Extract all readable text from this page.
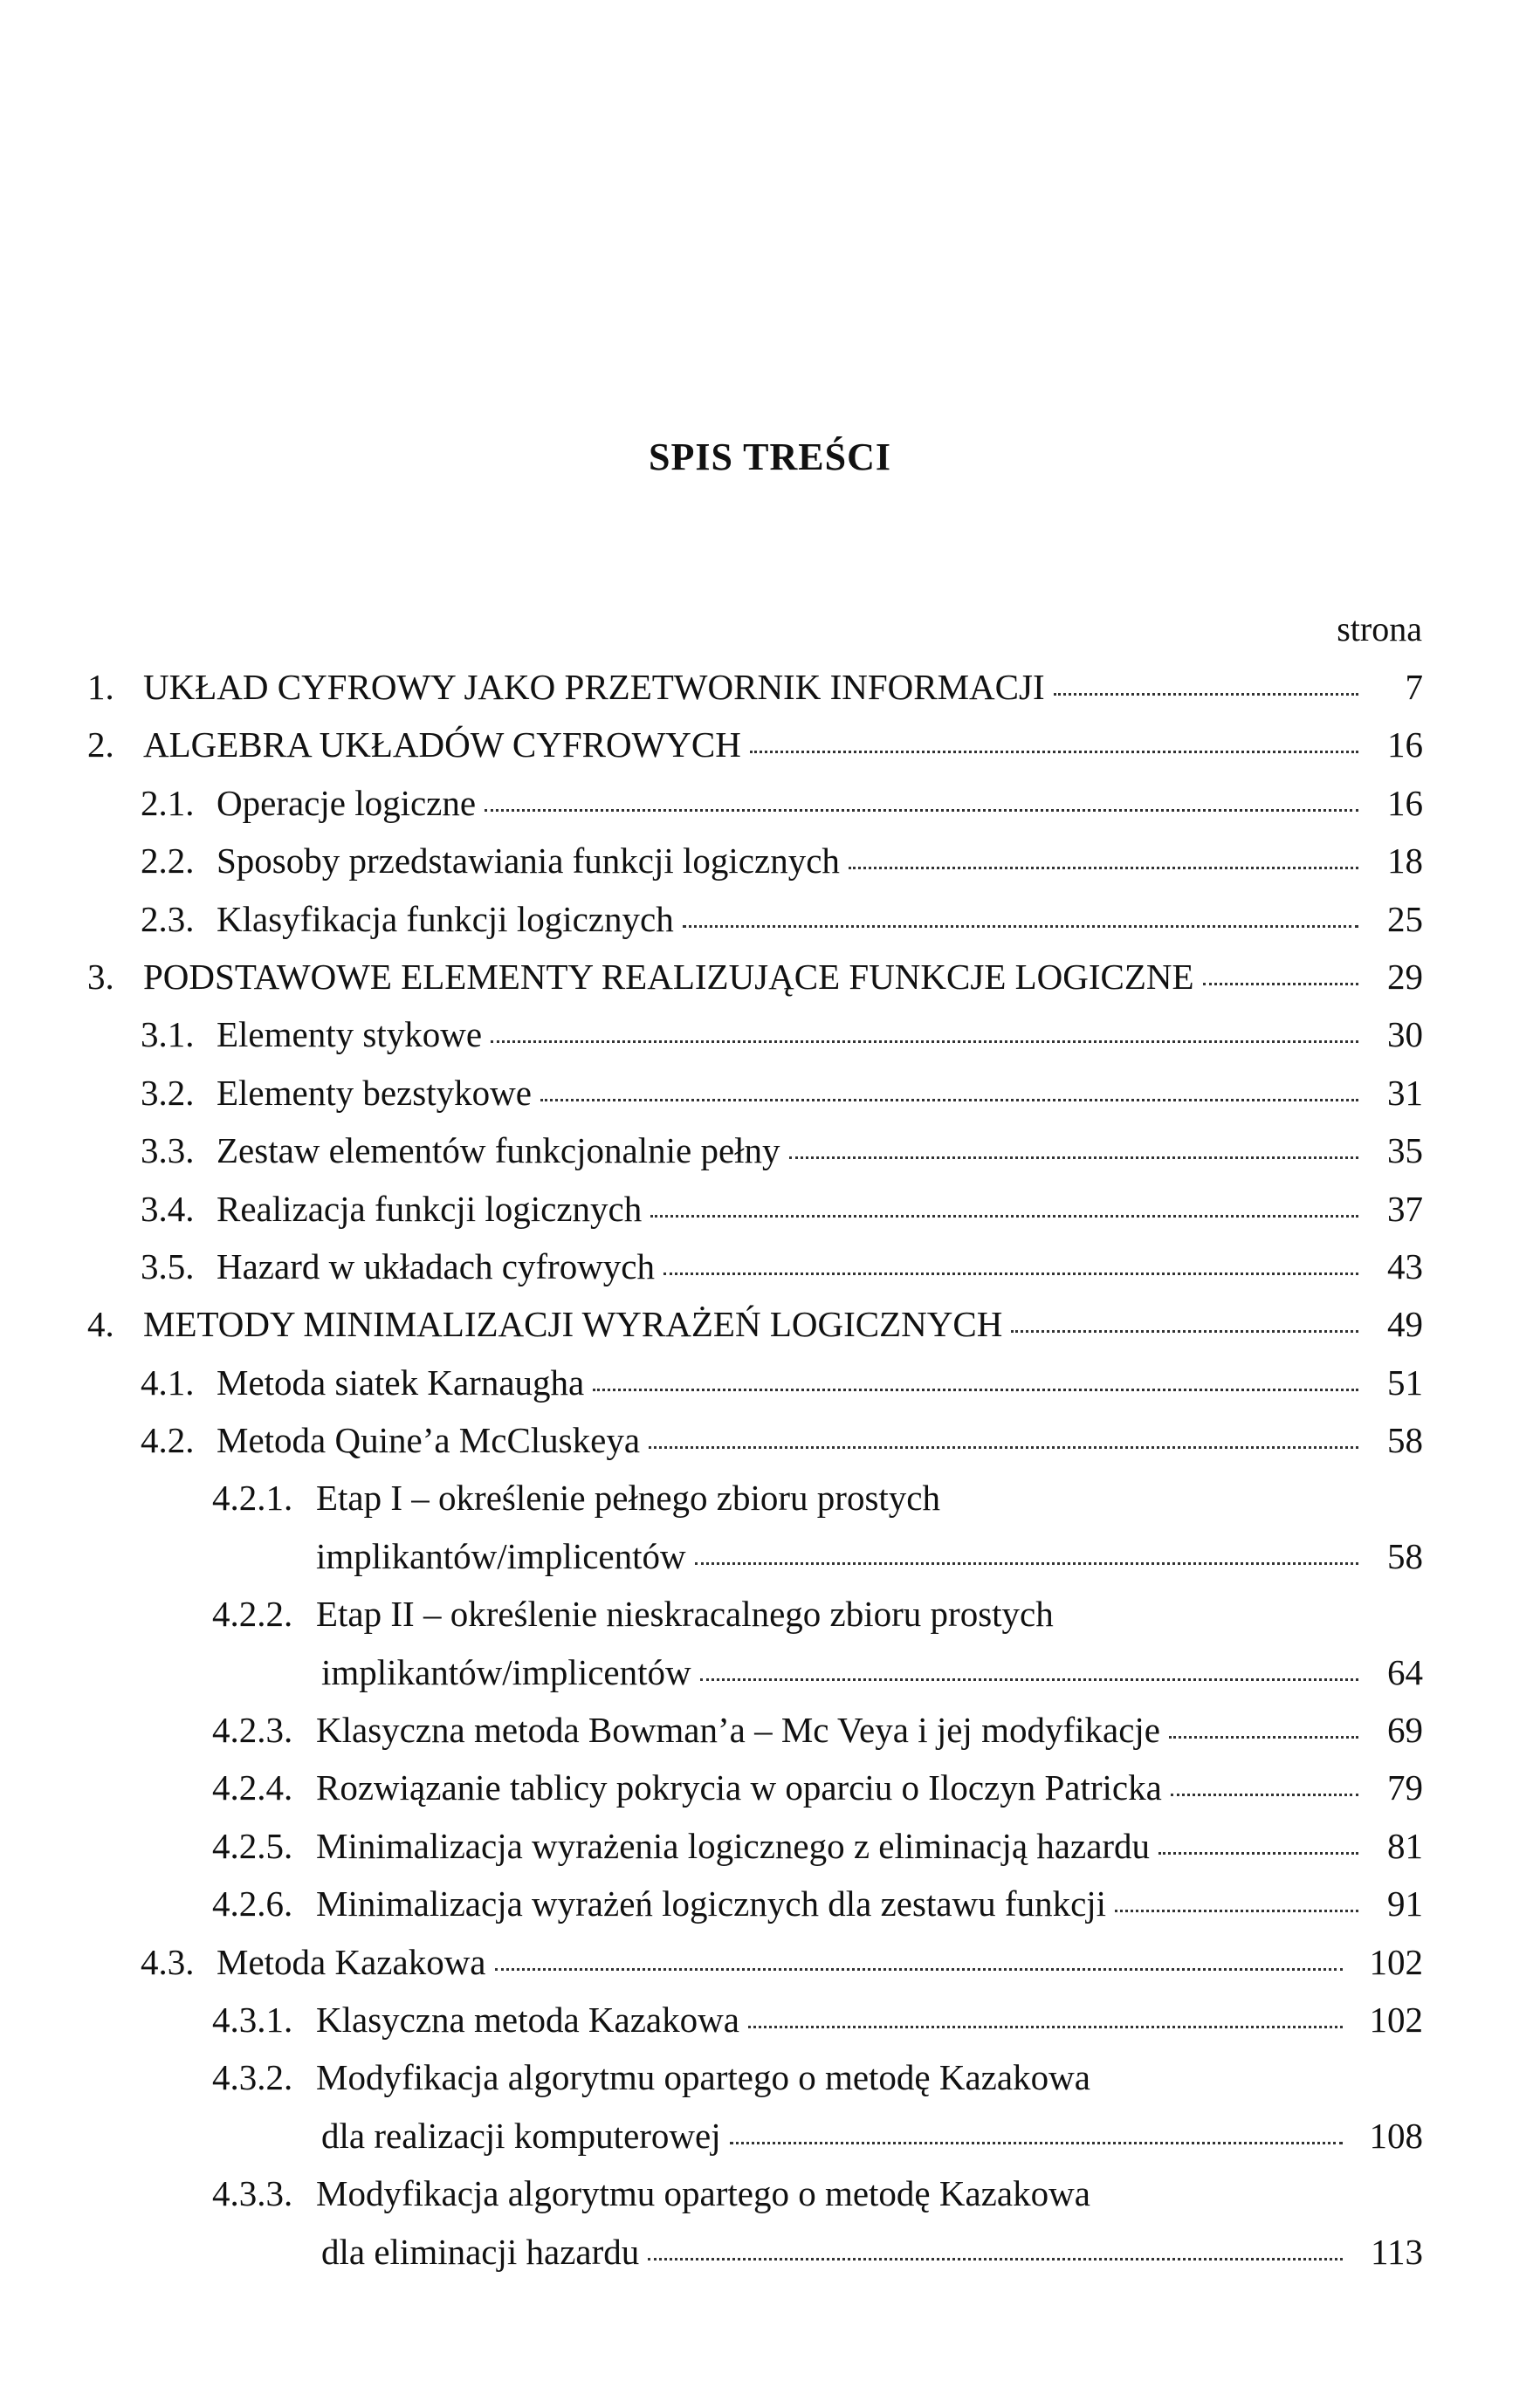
SPIS TREŚCI
strona
1. UKŁAD CYFROWY JAKO PRZETWORNIK INFORMACJI	7
2. ALGEBRA UKŁADÓW CYFROWYCH	16
2.1. Operacje logiczne	16
2.2. Sposoby przedstawiania funkcji logicznych	18
2.3. Klasyfikacja funkcji logicznych	25
3. PODSTAWOWE ELEMENTY REALIZUJĄCE FUNKCJE LOGICZNE	29
3.1. Elementy stykowe	30
3.2. Elementy bezstykowe	31
3.3. Zestaw elementów funkcjonalnie pełny	35
3.4. Realizacja funkcji logicznych	37
3.5. Hazard w układach cyfrowych	43
4. METODY MINIMALIZACJI WYRAŻEŃ LOGICZNYCH	49
4.1. Metoda siatek Karnaugha	51
4.2. Metoda Quine’a McCluskeya	58
4.2.1. Etap I – określenie pełnego zbioru prostych
implikantów/implicentów	58
4.2.2. Etap II – określenie nieskracalnego zbioru prostych
implikantów/implicentów	64
4.2.3. Klasyczna metoda Bowman’a – Mc Veya i jej modyfikacje	69
4.2.4. Rozwiązanie tablicy pokrycia w oparciu o Iloczyn Patricka	79
4.2.5. Minimalizacja wyrażenia logicznego z eliminacją hazardu	81
4.2.6. Minimalizacja wyrażeń logicznych dla zestawu funkcji	91
4.3. Metoda Kazakowa	102
4.3.1. Klasyczna metoda Kazakowa	102
4.3.2. Modyfikacja algorytmu opartego o metodę Kazakowa
dla realizacji komputerowej	108
4.3.3. Modyfikacja algorytmu opartego o metodę Kazakowa
dla eliminacji hazardu	113
